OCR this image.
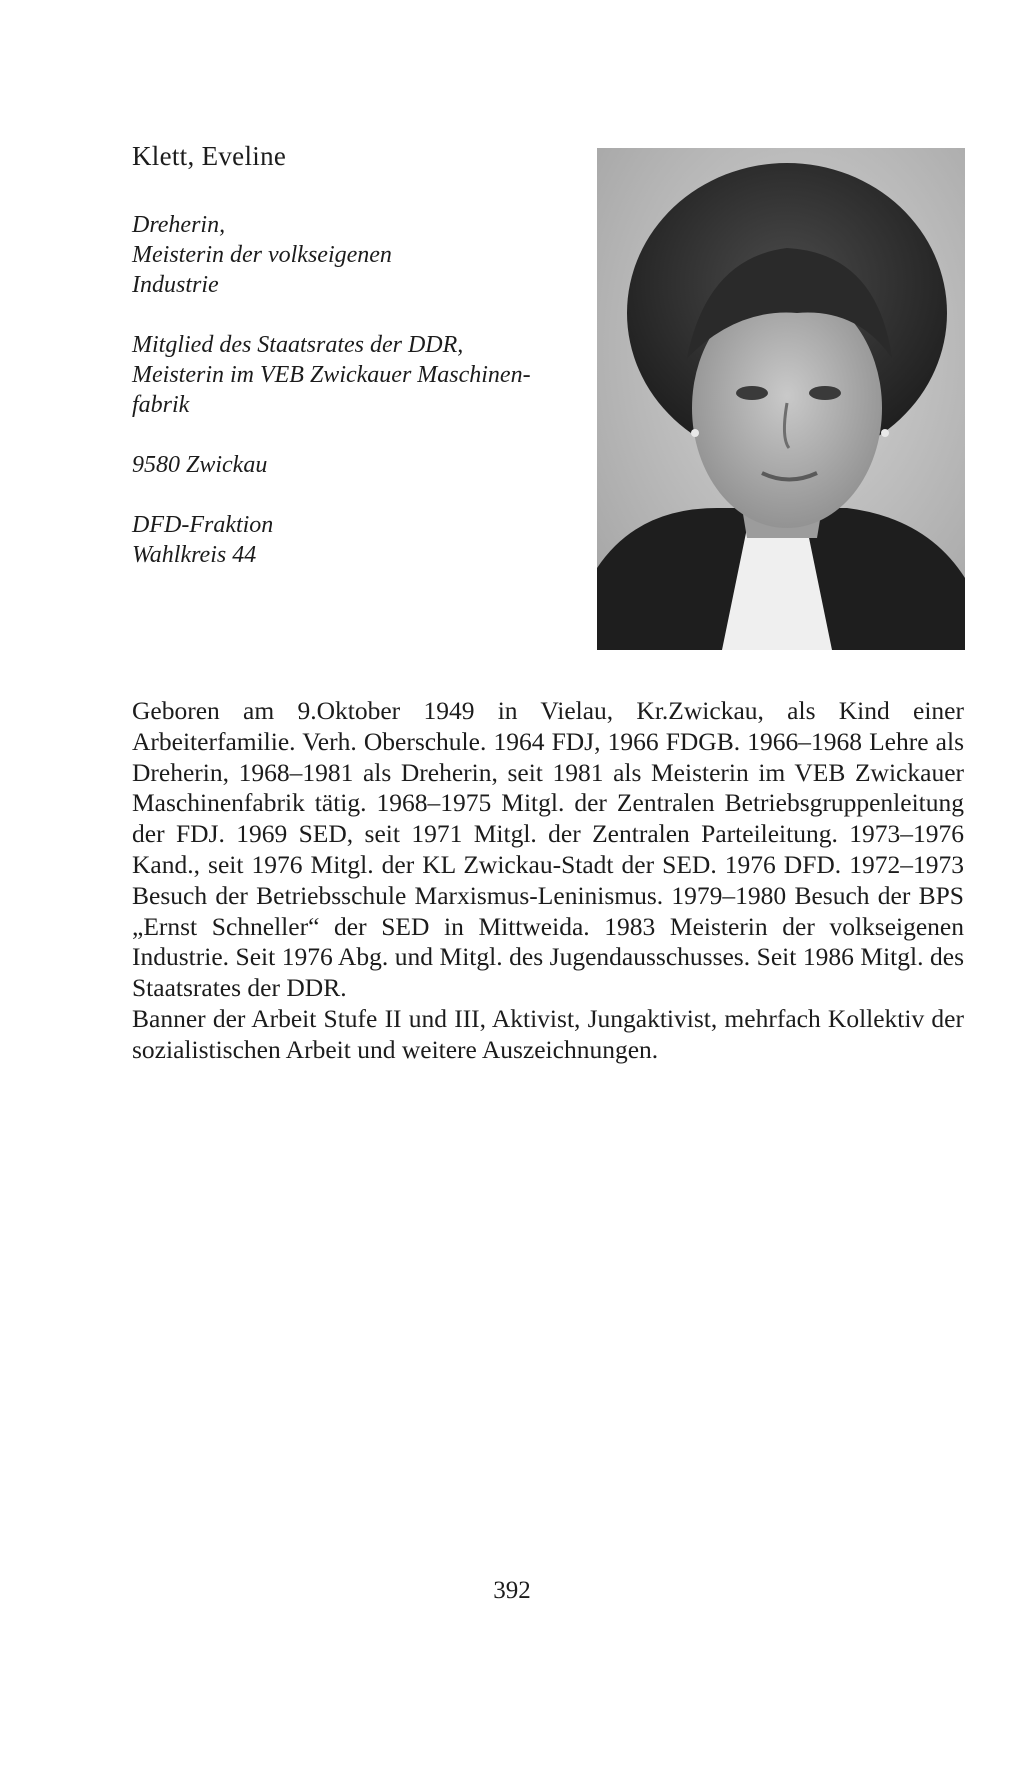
Klett, Eveline

Dreherin,

Meisterin der volkseigenen

Industrie

Mitglied des Staatsrates der DDR,

Meisterin im VEB Zwickauer Maschinen-

fabrik

9580 Zwickau

DFD-Fraktion

Wahlkreis 44

Geboren am 9.Oktober 1949 in Vielau, Kr.Zwickau, als Kind einer Arbeiterfamilie. Verh. Oberschule. 1964 FDJ, 1966 FDGB. 1966–1968 Lehre als Dreherin, 1968–1981 als Dreherin, seit 1981 als Meisterin im VEB Zwickauer Maschinenfabrik tätig. 1968–1975 Mitgl. der Zentralen Betriebsgruppenleitung der FDJ. 1969 SED, seit 1971 Mitgl. der Zentralen Parteileitung. 1973–1976 Kand., seit 1976 Mitgl. der KL Zwickau-Stadt der SED. 1976 DFD. 1972–1973 Besuch der Betriebsschule Marxismus-Leninismus. 1979–1980 Besuch der BPS „Ernst Schneller“ der SED in Mittweida. 1983 Meisterin der volkseigenen Industrie. Seit 1976 Abg. und Mitgl. des Jugendausschusses. Seit 1986 Mitgl. des Staatsrates der DDR.

Banner der Arbeit Stufe II und III, Aktivist, Jungaktivist, mehrfach Kollektiv der sozialistischen Arbeit und weitere Auszeichnungen.

392
